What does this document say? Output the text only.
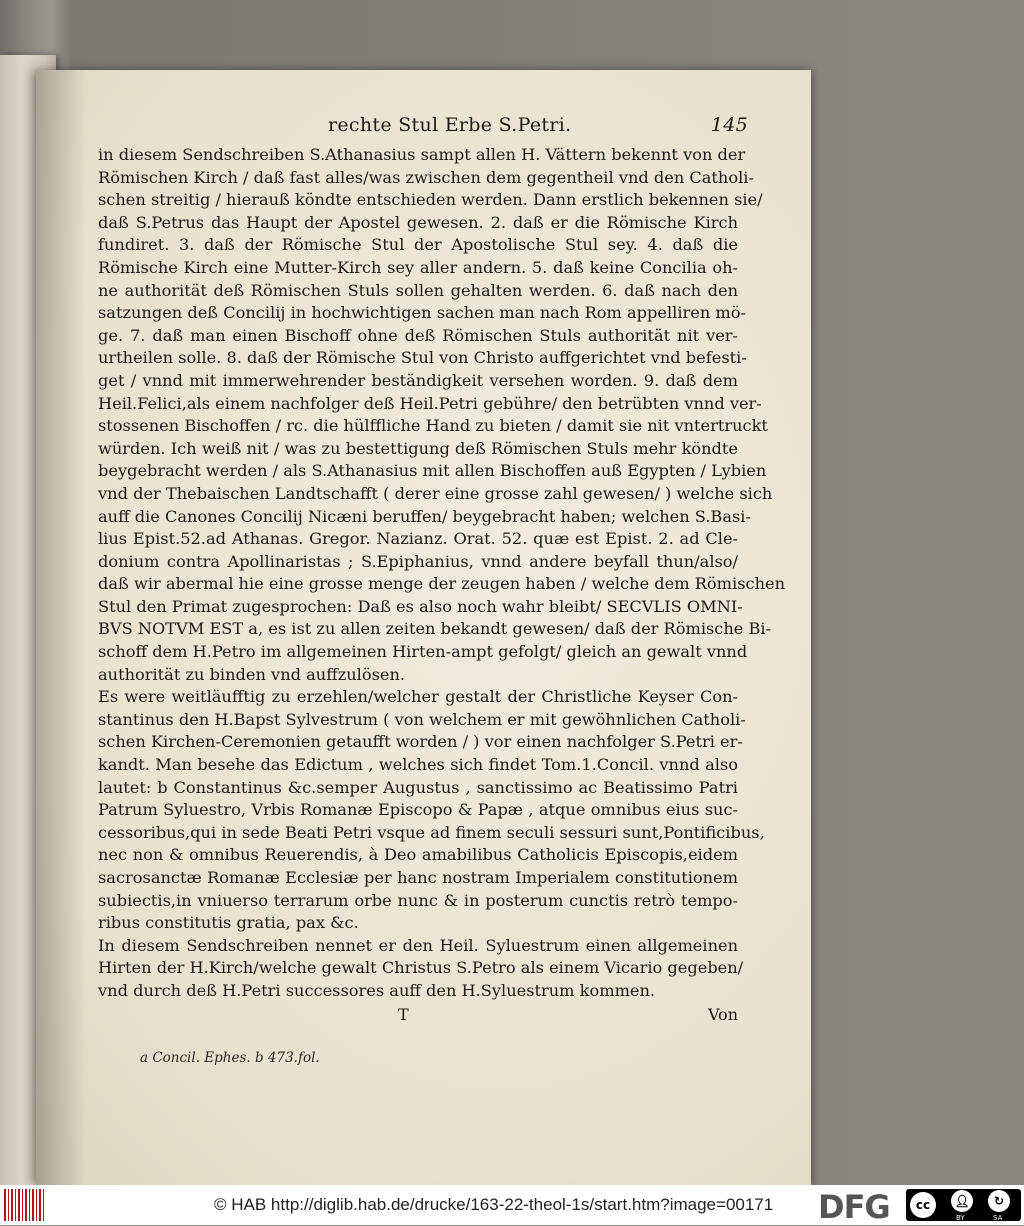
rechte Stul Erbe S.Petri.	145
in diesem Sendschreiben S.Athanasius sampt allen H. Vättern bekennt von der
Römischen Kirch / daß fast alles/was zwischen dem gegentheil vnd den Catholi-
schen streitig / hierauß köndte entschieden werden. Dann erstlich bekennen sie/
daß S.Petrus das Haupt der Apostel gewesen. 2. daß er die Römische Kirch
fundiret. 3. daß der Römische Stul der Apostolische Stul sey. 4. daß die
Römische Kirch eine Mutter-Kirch sey aller andern. 5. daß keine Concilia oh-
ne authorität deß Römischen Stuls sollen gehalten werden. 6. daß nach den
satzungen deß Concilij in hochwichtigen sachen man nach Rom appelliren mö-
ge. 7. daß man einen Bischoff ohne deß Römischen Stuls authorität nit ver-
urtheilen solle. 8. daß der Römische Stul von Christo auffgerichtet vnd befesti-
get / vnnd mit immerwehrender beständigkeit versehen worden. 9. daß dem
Heil.Felici,als einem nachfolger deß Heil.Petri gebühre/ den betrübten vnnd ver-
stossenen Bischoffen / rc. die hülffliche Hand zu bieten / damit sie nit vntertruckt
würden. Ich weiß nit / was zu bestettigung deß Römischen Stuls mehr köndte
beygebracht werden / als S.Athanasius mit allen Bischoffen auß Egypten / Lybien
vnd der Thebaischen Landtschafft ( derer eine grosse zahl gewesen/ ) welche sich
auff die Canones Concilij Nicæni beruffen/ beygebracht haben; welchen S.Basi-
lius Epist.52.ad Athanas. Gregor. Nazianz. Orat. 52. quæ est Epist. 2. ad Cle-
donium contra Apollinaristas ; S.Epiphanius, vnnd andere beyfall thun/also/
daß wir abermal hie eine grosse menge der zeugen haben / welche dem Römischen
Stul den Primat zugesprochen: Daß es also noch wahr bleibt/ SECVLIS OMNI-
BVS NOTVM EST a, es ist zu allen zeiten bekandt gewesen/ daß der Römische Bi-
schoff dem H.Petro im allgemeinen Hirten-ampt gefolgt/ gleich an gewalt vnnd
authorität zu binden vnd auffzulösen.
Es were weitläufftig zu erzehlen/welcher gestalt der Christliche Keyser Con-
stantinus den H.Bapst Sylvestrum ( von welchem er mit gewöhnlichen Catholi-
schen Kirchen-Ceremonien getaufft worden / ) vor einen nachfolger S.Petri er-
kandt. Man besehe das Edictum , welches sich findet Tom.1.Concil. vnnd also
lautet: b Constantinus &c.semper Augustus , sanctissimo ac Beatissimo Patri
Patrum Syluestro, Vrbis Romanæ Episcopo & Papæ , atque omnibus eius suc-
cessoribus,qui in sede Beati Petri vsque ad finem seculi sessuri sunt,Pontificibus,
nec non & omnibus Reuerendis, à Deo amabilibus Catholicis Episcopis,eidem
sacrosanctæ Romanæ Ecclesiæ per hanc nostram Imperialem constitutionem
subiectis,in vniuerso terrarum orbe nunc & in posterum cunctis retrò tempo-
ribus constitutis gratia, pax &c.
In diesem Sendschreiben nennet er den Heil. Syluestrum einen allgemeinen
Hirten der H.Kirch/welche gewalt Christus S.Petro als einem Vicario gegeben/
vnd durch deß H.Petri successores auff den H.Syluestrum kommen.
T	Von
a Concil. Ephes. b 473.fol.
© HAB http://diglib.hab.de/drucke/163-22-theol-1s/start.htm?image=00171 DFG	cc	👤︎	↻
BY	SA
